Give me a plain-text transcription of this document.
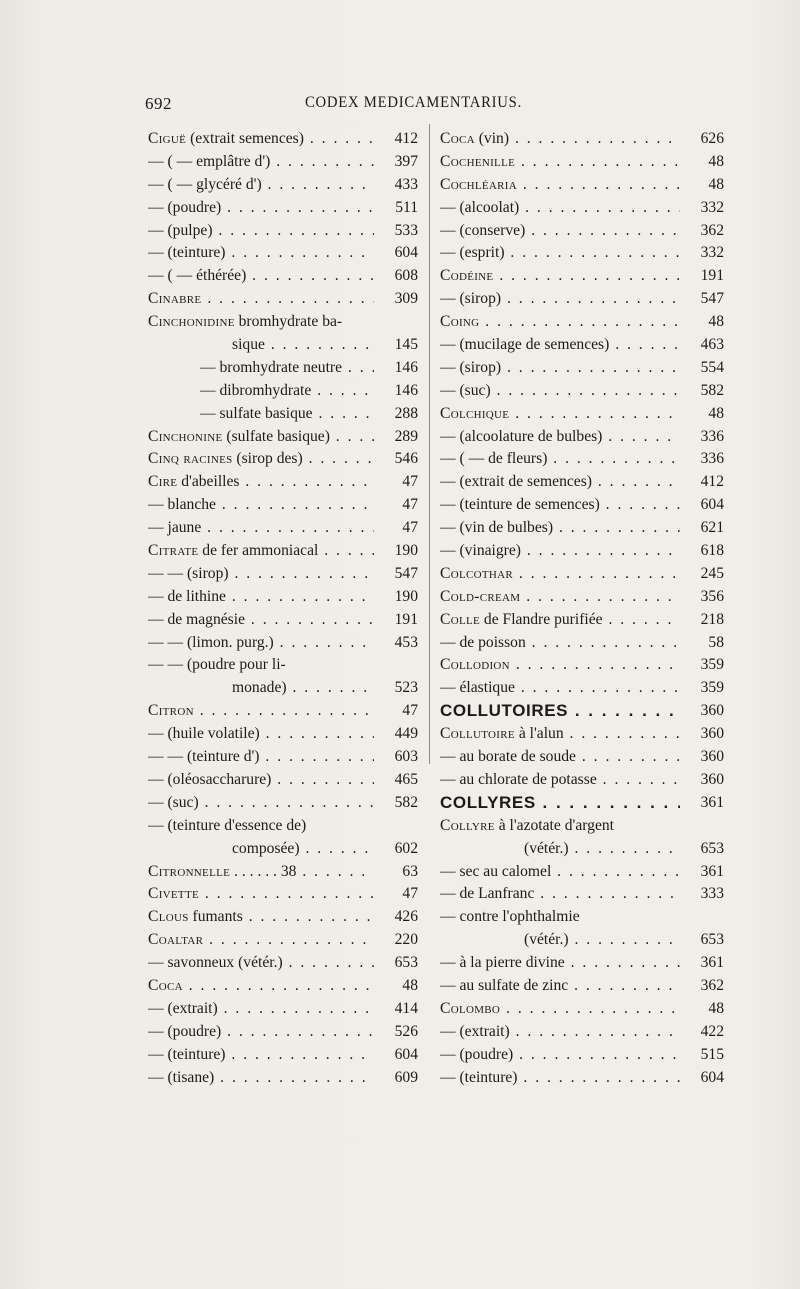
692	CODEX MEDICAMENTARIUS.
Ciguë (extrait semences) . . .	412
— ( — emplâtre d') . . .	397
— ( — glycéré d') . . .	433
— (poudre) . . .	511
— (pulpe) . . .	533
— (teinture) . . .	604
— ( — éthérée) . . .	608
Cinabre . . .	309
Cinchonidine bromhydrate ba-
sique . . .	145
— bromhydrate neutre . . .	146
— dibromhydrate . . .	146
— sulfate basique . . .	288
Cinchonine (sulfate basique) . . .	289
Cinq racines (sirop des) . . .	546
Cire d'abeilles . . .	47
— blanche . . .	47
— jaune . . .	47
Citrate de fer ammoniacal . . .	190
— — (sirop) . . .	547
— de lithine . . .	190
— de magnésie . . .	191
— — (limon. purg.) . . .	453
— — (poudre pour li-
monade) . . .	523
Citron . . .	47
— (huile volatile) . . .	449
— — (teinture d') . . .	603
— (oléosaccharure) . . .	465
— (suc) . . .	582
— (teinture d'essence de)
composée) . . .	602
Citronnelle . . . . . . 38 . . .	63
Civette . . .	47
Clous fumants . . .	426
Coaltar . . .	220
— savonneux (vétér.) . . .	653
Coca . . .	48
— (extrait) . . .	414
— (poudre) . . .	526
— (teinture) . . .	604
— (tisane) . . .	609
Coca (vin) . . .	626
Cochenille . . .	48
Cochléaria . . .	48
— (alcoolat) . . .	332
— (conserve) . . .	362
— (esprit) . . .	332
Codéine . . .	191
— (sirop) . . .	547
Coing . . .	48
— (mucilage de semences) . . .	463
— (sirop) . . .	554
— (suc) . . .	582
Colchique . . .	48
— (alcoolature de bulbes) . . .	336
— ( — de fleurs) . . .	336
— (extrait de semences) . . .	412
— (teinture de semences) . . .	604
— (vin de bulbes) . . .	621
— (vinaigre) . . .	618
Colcothar . . .	245
Cold-cream . . .	356
Colle de Flandre purifiée . . .	218
— de poisson . . .	58
Collodion . . .	359
— élastique . . .	359
COLLUTOIRES . . .	360
Collutoire à l'alun . . .	360
— au borate de soude . . .	360
— au chlorate de potasse . . .	360
COLLYRES . . .	361
Collyre à l'azotate d'argent
(vétér.) . . .	653
— sec au calomel . . .	361
— de Lanfranc . . .	333
— contre l'ophthalmie
(vétér.) . . .	653
— à la pierre divine . . .	361
— au sulfate de zinc . . .	362
Colombo . . .	48
— (extrait) . . .	422
— (poudre) . . .	515
— (teinture) . . .	604
